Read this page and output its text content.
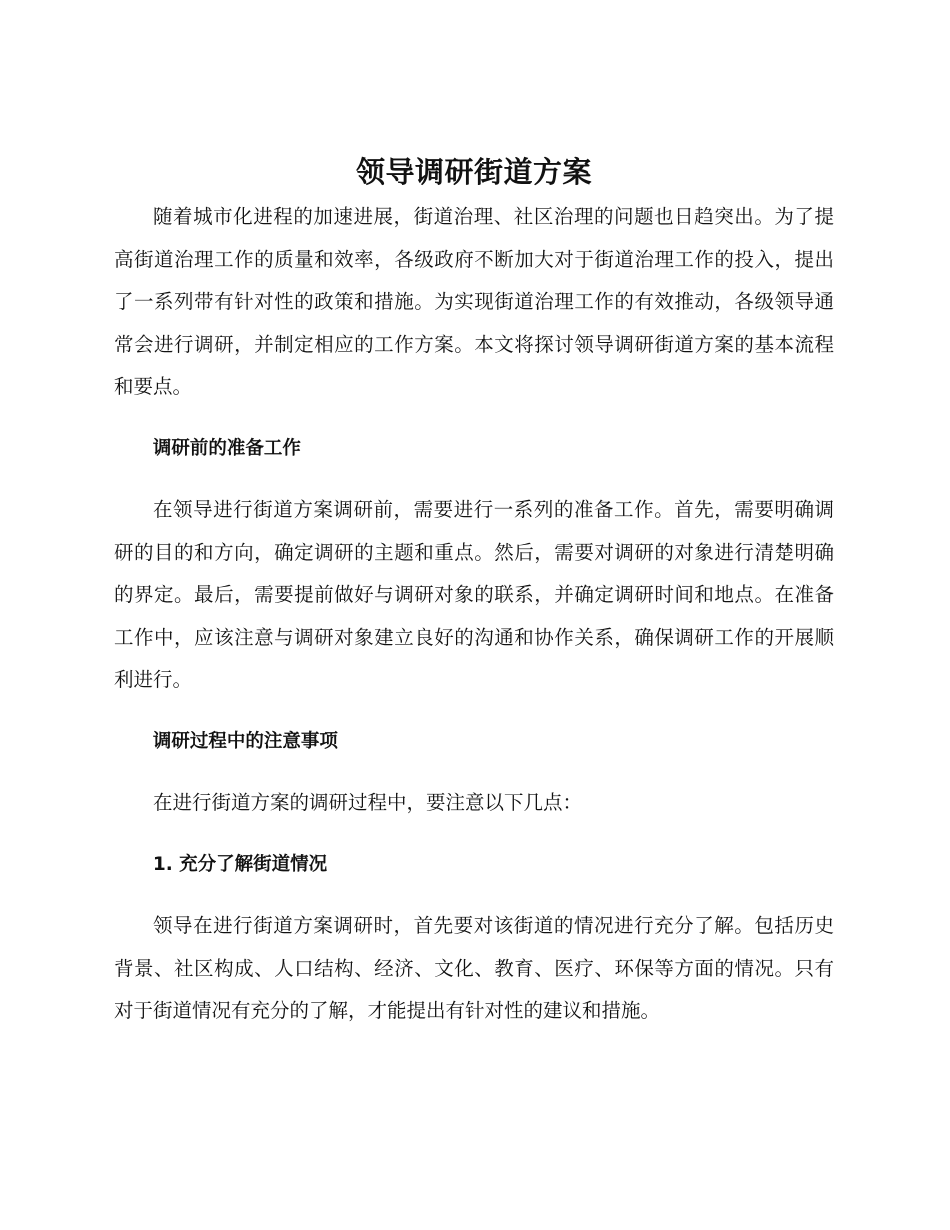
领导调研街道方案

随着城市化进程的加速进展，街道治理、社区治理的问题也日趋突出。为了提高街道治理工作的质量和效率，各级政府不断加大对于街道治理工作的投入，提出了一系列带有针对性的政策和措施。为实现街道治理工作的有效推动，各级领导通常会进行调研，并制定相应的工作方案。本文将探讨领导调研街道方案的基本流程和要点。

调研前的准备工作

在领导进行街道方案调研前，需要进行一系列的准备工作。首先，需要明确调研的目的和方向，确定调研的主题和重点。然后，需要对调研的对象进行清楚明确的界定。最后，需要提前做好与调研对象的联系，并确定调研时间和地点。在准备工作中，应该注意与调研对象建立良好的沟通和协作关系，确保调研工作的开展顺利进行。

调研过程中的注意事项

在进行街道方案的调研过程中，要注意以下几点：

1. 充分了解街道情况

领导在进行街道方案调研时，首先要对该街道的情况进行充分了解。包括历史背景、社区构成、人口结构、经济、文化、教育、医疗、环保等方面的情况。只有对于街道情况有充分的了解，才能提出有针对性的建议和措施。
